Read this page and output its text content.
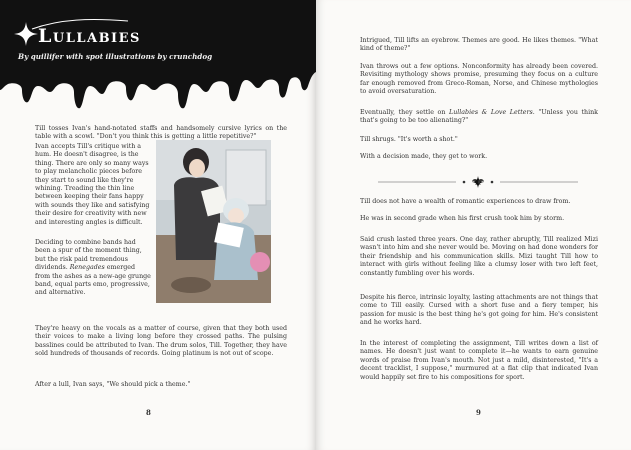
Lullabies
By quillifer with spot illustrations by crunchdog

Till tosses Ivan's hand-notated staffs and handsomely cursive lyrics on the table with a scowl. "Don't you think this is getting a little repetitive?"

Ivan accepts Till's critique with a

hum. He doesn't disagree, is the

thing. There are only so many ways

to play melancholic pieces before

they start to sound like they're

whining. Treading the thin line

between keeping their fans happy

with sounds they like and satisfying

their desire for creativity with new

and interesting angles is difficult.

Deciding to combine bands had

been a spur of the moment thing,

but the risk paid tremendous

dividends. Renegades emerged

from the ashes as a new-age grunge

band, equal parts emo, progressive,

and alternative.

They're heavy on the vocals as a matter of course, given that they both used their voices to make a living long before they crossed paths. The pulsing basslines could be attributed to Ivan. The drum solos, Till. Together, they have sold hundreds of thousands of records. Going platinum is not out of scope.

After a lull, Ivan says, "We should pick a theme."

8

Intrigued, Till lifts an eyebrow. Themes are good. He likes themes. "What kind of theme?"

Ivan throws out a few options. Nonconformity has already been covered. Revisiting mythology shows promise, presuming they focus on a culture far enough removed from Greco-Roman, Norse, and Chinese mythologies to avoid oversaturation.

Eventually, they settle on Lullabies & Love Letters. "Unless you think that's going to be too alienating?"

Till shrugs. "It's worth a shot."

With a decision made, they get to work.

Till does not have a wealth of romantic experiences to draw from.

He was in second grade when his first crush took him by storm.

Said crush lasted three years. One day, rather abruptly, Till realized Mizi wasn't into him and she never would be. Moving on had done wonders for their friendship and his communication skills. Mizi taught Till how to interact with girls without feeling like a clumsy loser with two left feet, constantly fumbling over his words.

Despite his fierce, intrinsic loyalty, lasting attachments are not things that come to Till easily. Cursed with a short fuse and a fiery temper, his passion for music is the best thing he's got going for him. He's consistent and he works hard.

In the interest of completing the assignment, Till writes down a list of names. He doesn't just want to complete it—he wants to earn genuine words of praise from Ivan's mouth. Not just a mild, disinterested, "It's a decent tracklist, I suppose," murmured at a flat clip that indicated Ivan would happily set fire to his compositions for sport.

9
